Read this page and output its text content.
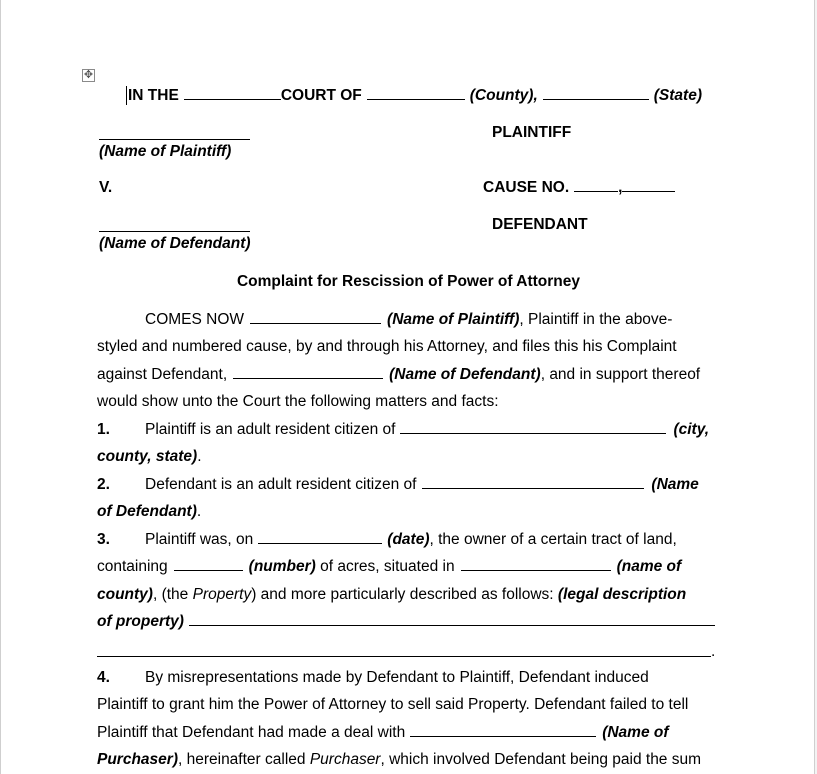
✥
IN THE	COURT OF	(County),	(State)
PLAINTIFF
(Name of Plaintiff)
V.	CAUSE NO.	,
DEFENDANT
(Name of Defendant)
Complaint for Rescission of Power of Attorney
COMES NOW	(Name of Plaintiff), Plaintiff in the above-
styled and numbered cause, by and through his Attorney, and files this his Complaint
against Defendant,	(Name of Defendant), and in support thereof
would show unto the Court the following matters and facts:
1. Plaintiff is an adult resident citizen of	(city,
county, state).
2. Defendant is an adult resident citizen of	(Name
of Defendant).
3. Plaintiff was, on	(date), the owner of a certain tract of land,
containing	(number) of acres, situated in	(name of
county), (the Property) and more particularly described as follows: (legal description
of property)
.
4. By misrepresentations made by Defendant to Plaintiff, Defendant induced
Plaintiff to grant him the Power of Attorney to sell said Property. Defendant failed to tell
Plaintiff that Defendant had made a deal with	(Name of
Purchaser), hereinafter called Purchaser, which involved Defendant being paid the sum
